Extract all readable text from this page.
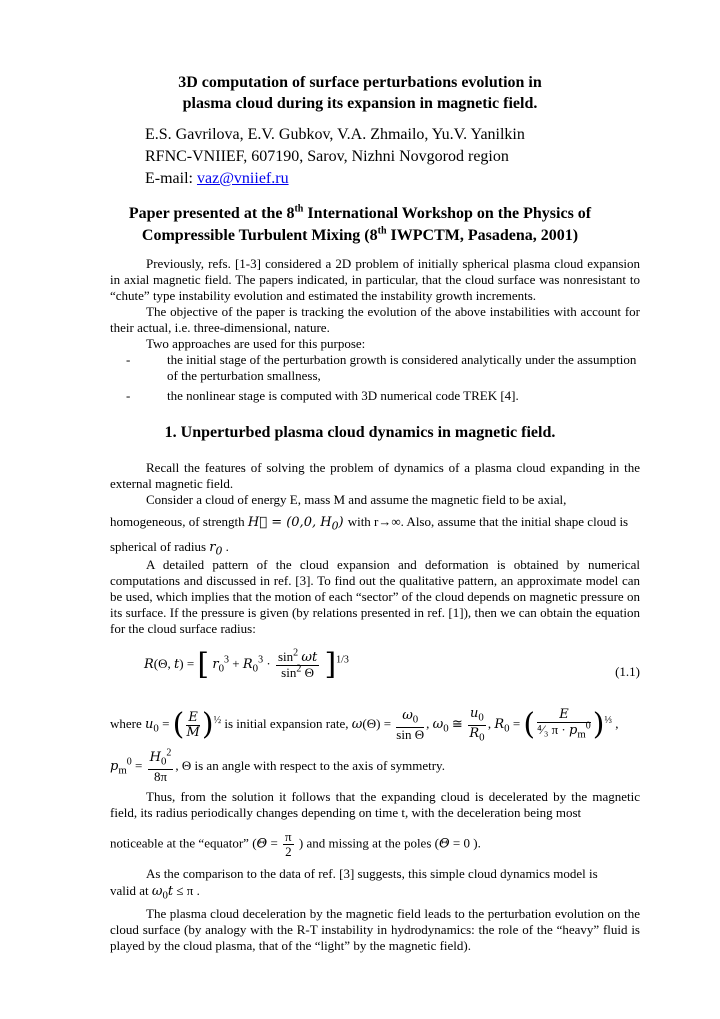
3D computation of surface perturbations evolution in
plasma cloud during its expansion in magnetic field.
E.S. Gavrilova, E.V. Gubkov, V.A. Zhmailo, Yu.V. Yanilkin
RFNC-VNIIEF, 607190, Sarov, Nizhni Novgorod region
E-mail: vaz@vniief.ru
Paper presented at the 8th International Workshop on the Physics of
Compressible Turbulent Mixing (8th IWPCTM, Pasadena, 2001)
Previously, refs. [1-3] considered a 2D problem of initially spherical plasma cloud expansion in axial magnetic field. The papers indicated, in particular, that the cloud surface was nonresistant to “chute” type instability evolution and estimated the instability growth increments.
The objective of the paper is tracking the evolution of the above instabilities with account for their actual, i.e. three-dimensional, nature.
Two approaches are used for this purpose:
-	the initial stage of the perturbation growth is considered analytically under the assumption of the perturbation smallness,
-	the nonlinear stage is computed with 3D numerical code TREK [4].
1. Unperturbed plasma cloud dynamics in magnetic field.
Recall the features of solving the problem of dynamics of a plasma cloud expanding in the external magnetic field.
Consider a cloud of energy E, mass M and assume the magnetic field to be axial,
homogeneous, of strength H⃗ = (0,0, $H_0$) with r→∞. Also, assume that the initial shape cloud is
spherical of radius $r_0$ .
A detailed pattern of the cloud expansion and deformation is obtained by numerical computations and discussed in ref. [3]. To find out the qualitative pattern, an approximate model can be used, which implies that the motion of each “sector” of the cloud depends on magnetic pressure on its surface. If the pressure is given (by relations presented in ref. [1]), then we can obtain the equation for the cloud surface radius:
R(Θ, t) = [ $r_0^3 + R_0^3 \cdot \frac{\sin^2 \omega t}{\sin^2 \Theta} ]^{1/3}$
(1.1)
where $u_0$ = ( $\frac{E}{M} )^{\frac{1}{2}}$ is initial expansion rate, $\omega(\Theta) = \frac{\omega_0}{\text{sin Θ}}$ , $\omega_0$ ≅ $\frac{u_0}{R_0}$ , $R_0$ = ( $\frac{E}{^4⁄_3 \pi \cdot p_m^0} )^{\frac{1}{3}}$ ,
$p_m^0 = \frac{H_0^2}{8\pi}$ , Θ is an angle with respect to the axis of symmetry.
Thus, from the solution it follows that the expanding cloud is decelerated by the magnetic field, its radius periodically changes depending on time t, with the deceleration being most
noticeable at the “equator” ($\Theta = \frac{\pi}{2}$ ) and missing at the poles (Θ = 0 ).
As the comparison to the data of ref. [3] suggests, this simple cloud dynamics model is
valid at $\omega_0t \le \pi$ .
The plasma cloud deceleration by the magnetic field leads to the perturbation evolution on the cloud surface (by analogy with the R-T instability in hydrodynamics: the role of the “heavy” fluid is played by the cloud plasma, that of the “light” by the magnetic field).
